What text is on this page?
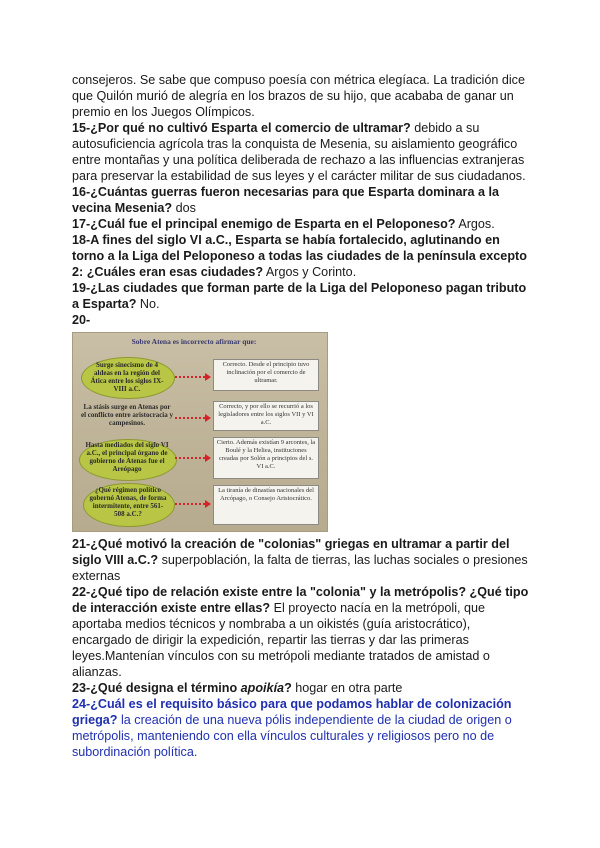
consejeros. Se sabe que compuso poesía con métrica elegíaca. La tradición dice que Quilón murió de alegría en los brazos de su hijo, que acababa de ganar un premio en los Juegos Olímpicos.

15-¿Por qué no cultivó Esparta el comercio de ultramar? debido a su autosuficiencia agrícola tras la conquista de Mesenia, su aislamiento geográfico entre montañas y una política deliberada de rechazo a las influencias extranjeras para preservar la estabilidad de sus leyes y el carácter militar de sus ciudadanos.

16-¿Cuántas guerras fueron necesarias para que Esparta dominara a la vecina Mesenia? dos

17-¿Cuál fue el principal enemigo de Esparta en el Peloponeso? Argos.

18-A fines del siglo VI a.C., Esparta se había fortalecido, aglutinando en torno a la Liga del Peloponeso a todas las ciudades de la península excepto 2: ¿Cuáles eran esas ciudades? Argos y Corinto.

19-¿Las ciudades que forman parte de la Liga del Peloponeso pagan tributo a Esparta? No.

20-

Sobre Atena es incorrecto afirmar que:
Surge sinecismo de 4 aldeas en la región del Ática entre los siglos IX-VIII a.C.
Correcto. Desde el principio tuvo inclinación por el comercio de ultramar.
La stásis surge en Atenas por el conflicto entre aristocracia y campesinos.
Correcto, y por ello se recurrió a los legisladores entre los siglos VII y VI a.C.
Hasta mediados del siglo VI a.C., el principal órgano de gobierno de Atenas fue el Areópago
Cierto. Además existían 9 arcontes, la Boulé y la Heliea, instituciones creadas por Solón a principios del s. VI a.C.
¿Qué régimen político gobernó Atenas, de forma intermitente, entre 561-508 a.C.?
La tiranía de dinastías nacionales del Arcópago, o Consejo Aristocrático.

21-¿Qué motivó la creación de "colonias" griegas en ultramar a partir del siglo VIII a.C.? superpoblación, la falta de tierras, las luchas sociales o presiones externas

22-¿Qué tipo de relación existe entre la "colonia" y la metrópolis? ¿Qué tipo de interacción existe entre ellas? El proyecto nacía en la metrópoli, que aportaba medios técnicos y nombraba a un oikistés (guía aristocrático), encargado de dirigir la expedición, repartir las tierras y dar las primeras leyes.Mantenían vínculos con su metrópoli mediante tratados de amistad o alianzas.

23-¿Qué designa el término apoikía? hogar en otra parte

24-¿Cuál es el requisito básico para que podamos hablar de colonización griega? la creación de una nueva pólis independiente de la ciudad de origen o metrópolis, manteniendo con ella vínculos culturales y religiosos pero no de subordinación política.
